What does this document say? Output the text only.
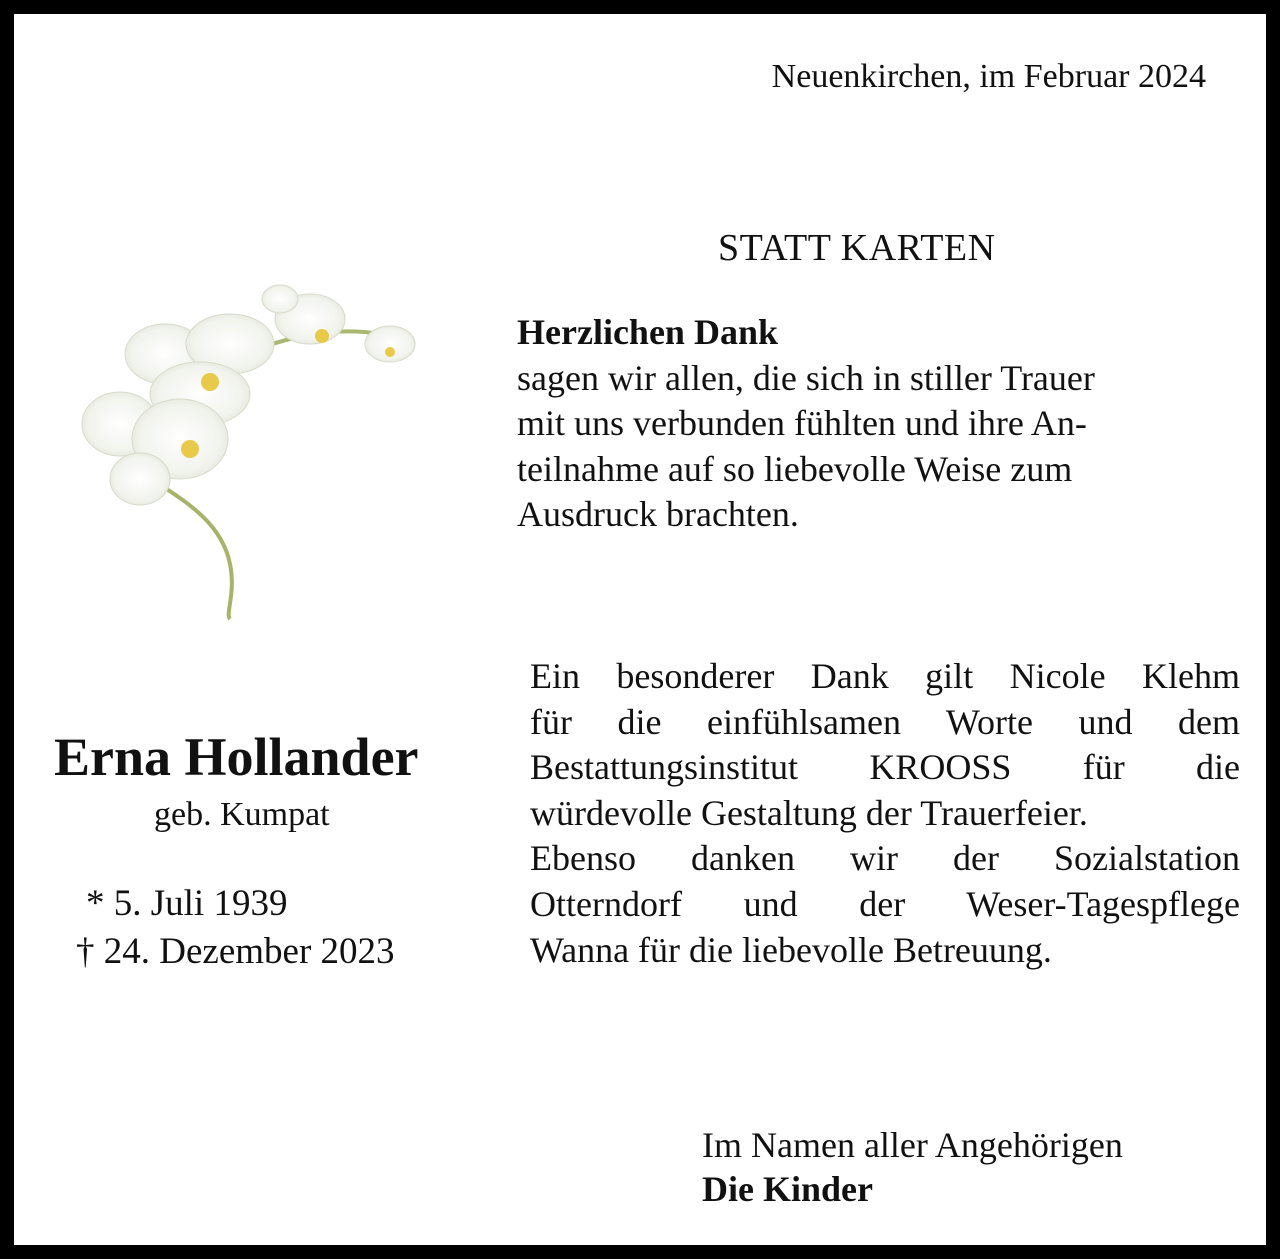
Neuenkirchen, im Februar 2024
STATT KARTEN
Herzlichen Dank
sagen wir allen, die sich in stiller Trauer
mit uns verbunden fühlten und ihre An-
teilnahme auf so liebevolle Weise zum
Ausdruck brachten.
Ein besonderer Dank gilt Nicole Klehm
für die einfühlsamen Worte und dem
Bestattungsinstitut KROOSS für die
würdevolle Gestaltung der Trauerfeier.
Ebenso danken wir der Sozialstation
Otterndorf und der Weser-Tagespflege
Wanna für die liebevolle Betreuung.
Erna Hollander
geb. Kumpat
* 5. Juli 1939
† 24. Dezember 2023
Im Namen aller Angehörigen
Die Kinder
